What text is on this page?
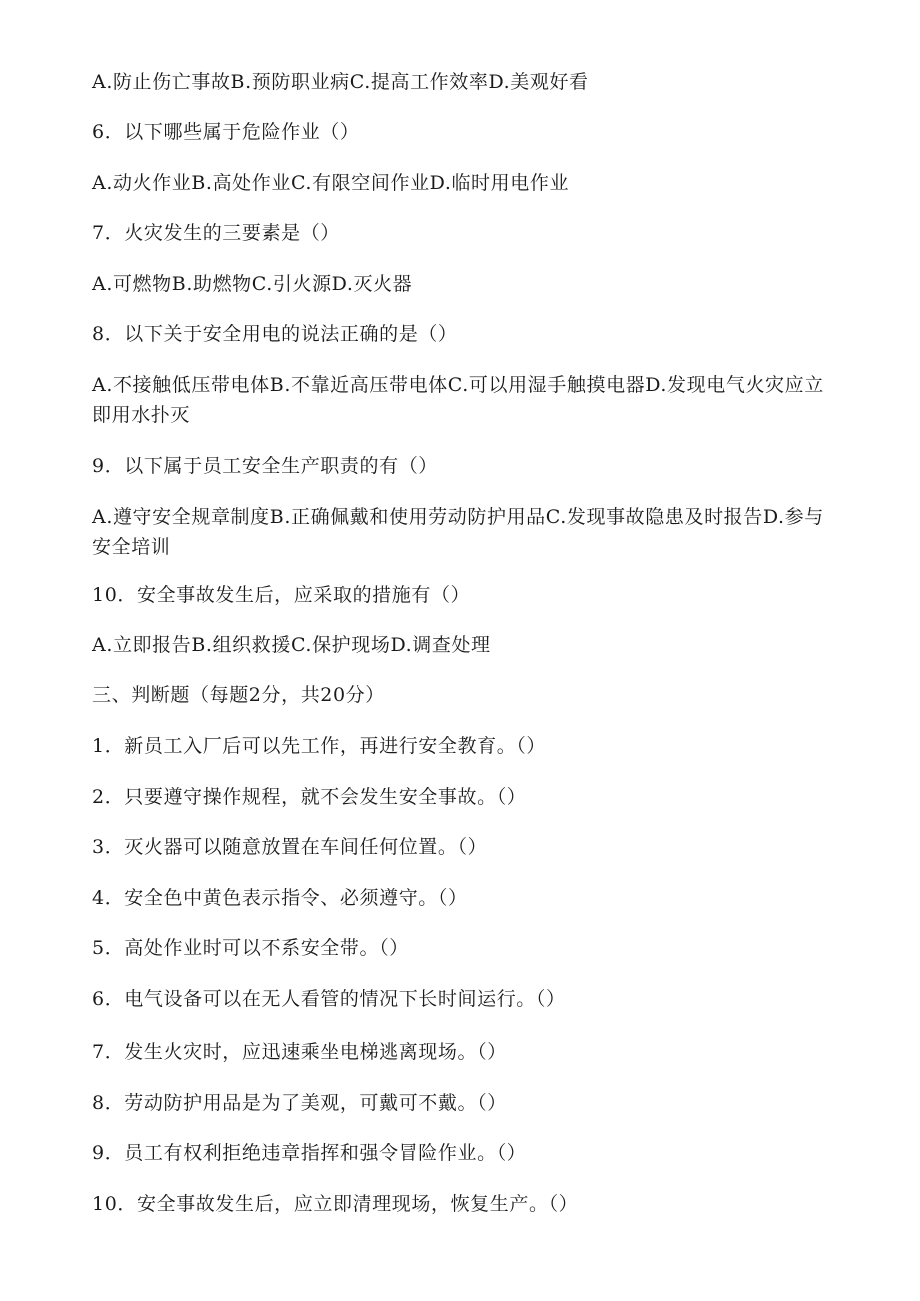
A.防止伤亡事故B.预防职业病C.提高工作效率D.美观好看
6．以下哪些属于危险作业（）
A.动火作业B.高处作业C.有限空间作业D.临时用电作业
7．火灾发生的三要素是（）
A.可燃物B.助燃物C.引火源D.灭火器
8．以下关于安全用电的说法正确的是（）
A.不接触低压带电体B.不靠近高压带电体C.可以用湿手触摸电器D.发现电气火灾应立即用水扑灭
9．以下属于员工安全生产职责的有（）
A.遵守安全规章制度B.正确佩戴和使用劳动防护用品C.发现事故隐患及时报告D.参与安全培训
10．安全事故发生后，应采取的措施有（）
A.立即报告B.组织救援C.保护现场D.调查处理
三、判断题（每题2分，共20分）
1．新员工入厂后可以先工作，再进行安全教育。（）
2．只要遵守操作规程，就不会发生安全事故。（）
3．灭火器可以随意放置在车间任何位置。（）
4．安全色中黄色表示指令、必须遵守。（）
5．高处作业时可以不系安全带。（）
6．电气设备可以在无人看管的情况下长时间运行。（）
7．发生火灾时，应迅速乘坐电梯逃离现场。（）
8．劳动防护用品是为了美观，可戴可不戴。（）
9．员工有权利拒绝违章指挥和强令冒险作业。（）
10．安全事故发生后，应立即清理现场，恢复生产。（）
